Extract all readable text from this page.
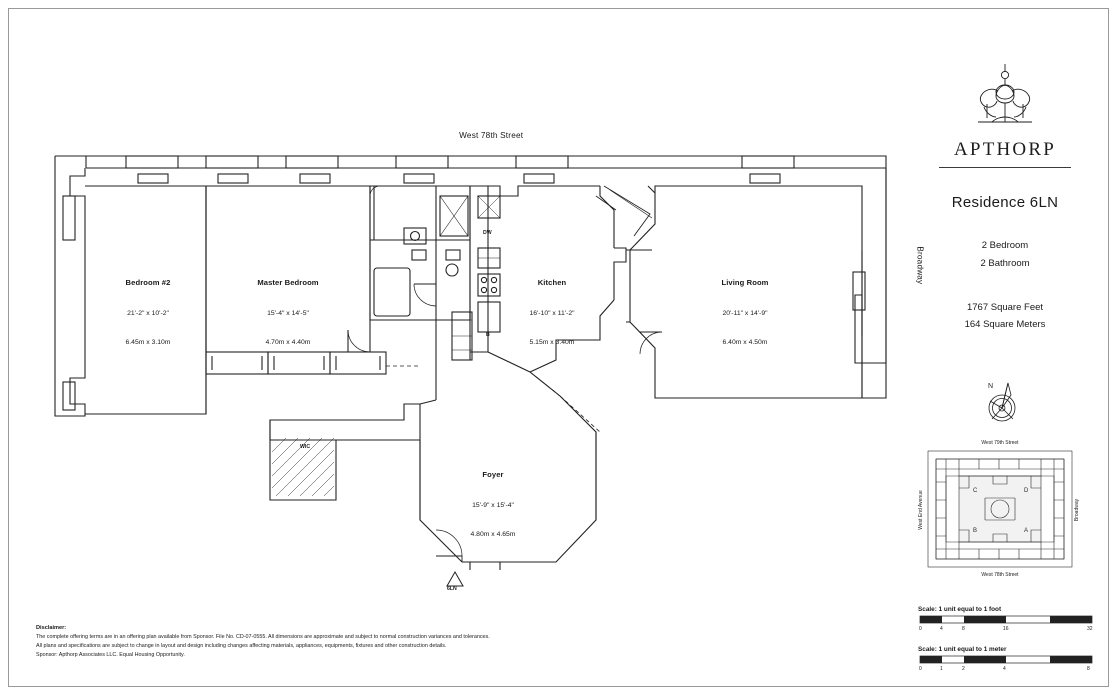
West 78th Street

Broadway

Bedroom #2

21'-2" x 10'-2"

6.45m x 3.10m

Master Bedroom

15'-4" x 14'-5"

4.70m x 4.40m

Kitchen

16'-10" x 11'-2"

5.15m x 3.40m

Living Room

20'-11" x 14'-9"

6.40m x 4.50m

Foyer

15'-9" x 15'-4"

4.80m x 4.65m

WIC
DW
B
6LN
APTHORP
Residence 6LN
2 Bedroom
2 Bathroom
1767 Square Feet
164 Square Meters
N
West 79th Street
West 78th Street
West End Avenue	Broadway
C	D
B	A
Scale: 1 unit equal to 1 foot
0	4	8	16	32
Scale: 1 unit equal to 1 meter
0	1	2	4	8
Disclaimer:
The complete offering terms are in an offering plan available from Sponsor. File No. CD-07-0555. All dimensions are approximate and subject to normal construction variances and tolerances.
All plans and specifications are subject to change in layout and design including changes affecting materials, appliances, equipments, fixtures and other construction details.
Sponsor: Apthorp Associates LLC. Equal Housing Opportunity.
